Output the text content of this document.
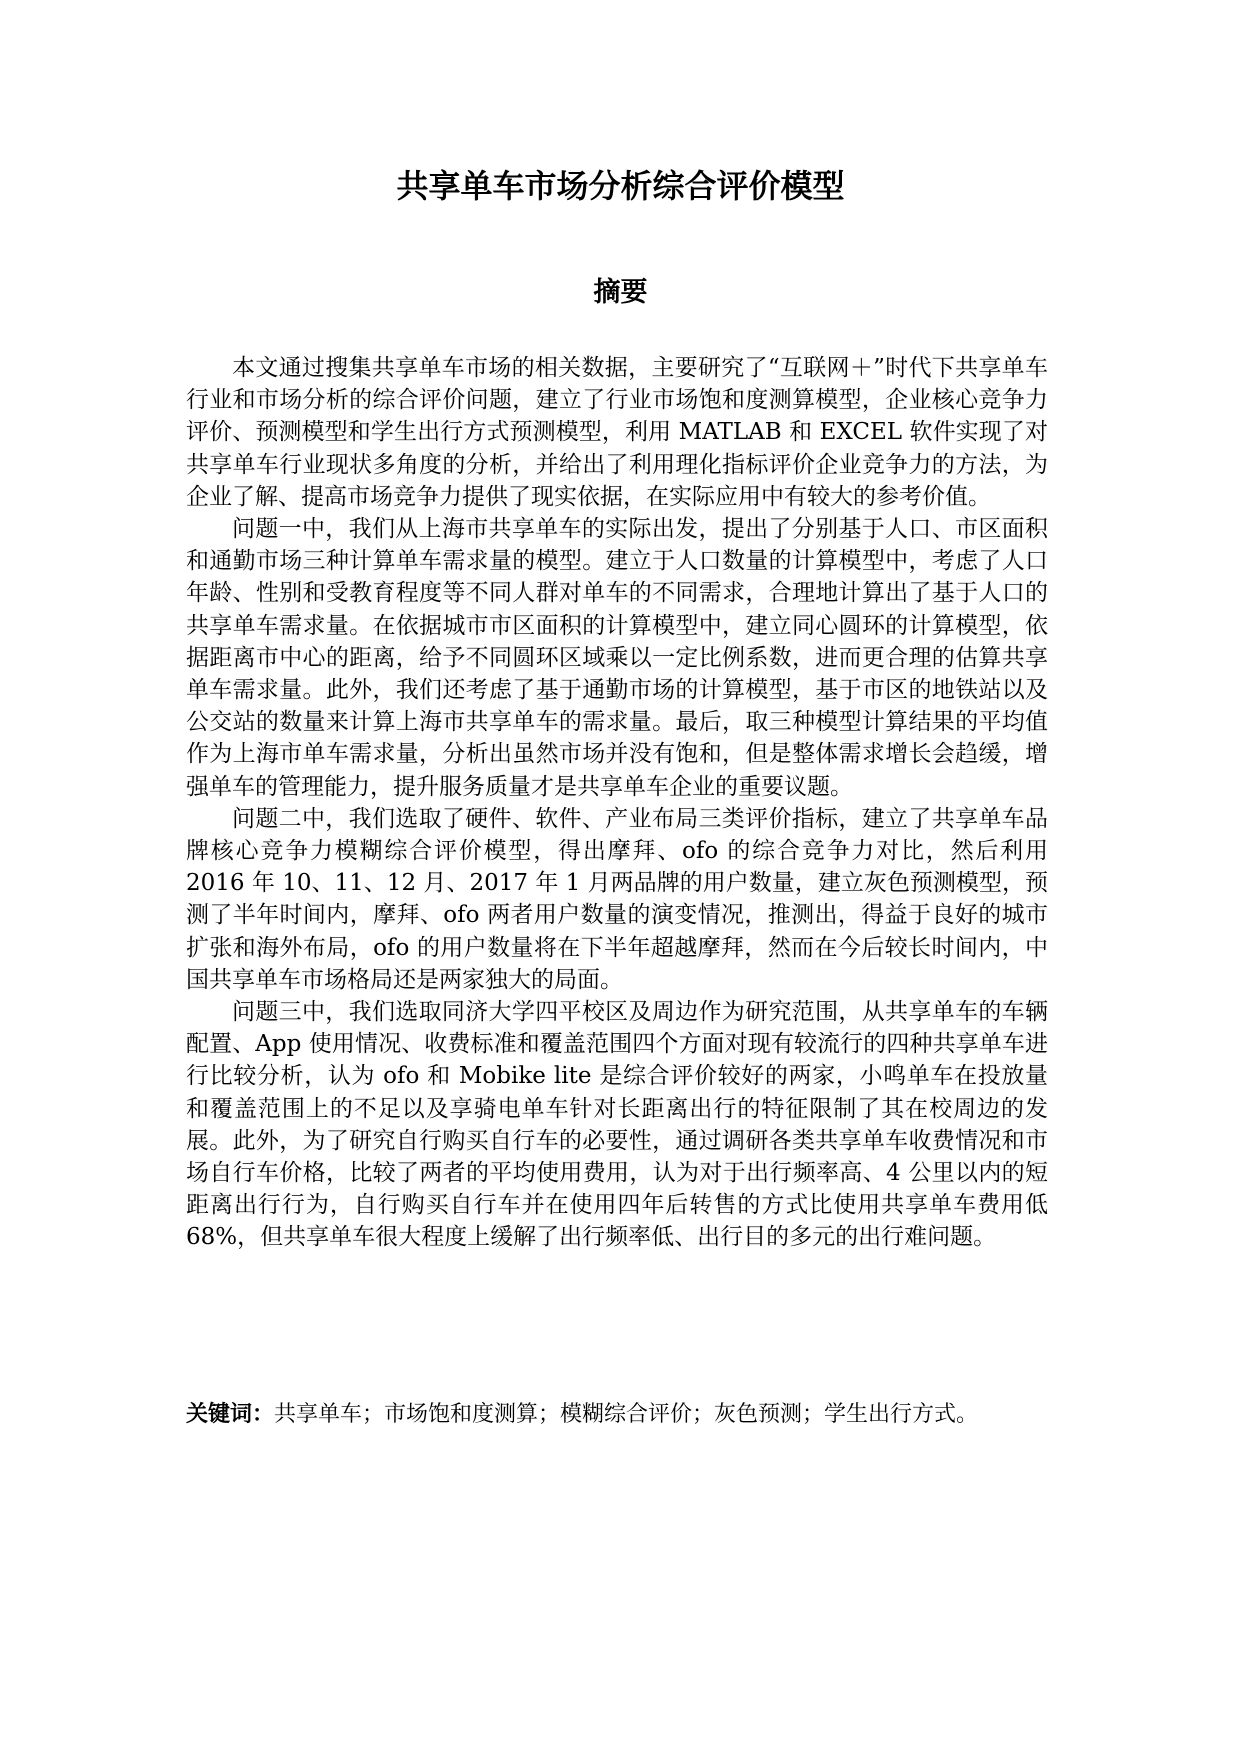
共享单车市场分析综合评价模型
摘要

本文通过搜集共享单车市场的相关数据，主要研究了“互联网＋”时代下共享单车行业和市场分析的综合评价问题，建立了行业市场饱和度测算模型，企业核心竞争力评价、预测模型和学生出行方式预测模型，利用 MATLAB 和 EXCEL 软件实现了对共享单车行业现状多角度的分析，并给出了利用理化指标评价企业竞争力的方法，为企业了解、提高市场竞争力提供了现实依据，在实际应用中有较大的参考价值。

问题一中，我们从上海市共享单车的实际出发，提出了分别基于人口、市区面积和通勤市场三种计算单车需求量的模型。建立于人口数量的计算模型中，考虑了人口年龄、性别和受教育程度等不同人群对单车的不同需求，合理地计算出了基于人口的共享单车需求量。在依据城市市区面积的计算模型中，建立同心圆环的计算模型，依据距离市中心的距离，给予不同圆环区域乘以一定比例系数，进而更合理的估算共享单车需求量。此外，我们还考虑了基于通勤市场的计算模型，基于市区的地铁站以及公交站的数量来计算上海市共享单车的需求量。最后，取三种模型计算结果的平均值作为上海市单车需求量，分析出虽然市场并没有饱和，但是整体需求增长会趋缓，增强单车的管理能力，提升服务质量才是共享单车企业的重要议题。

问题二中，我们选取了硬件、软件、产业布局三类评价指标，建立了共享单车品牌核心竞争力模糊综合评价模型，得出摩拜、ofo 的综合竞争力对比，然后利用 2016 年 10、11、12 月、2017 年 1 月两品牌的用户数量，建立灰色预测模型，预测了半年时间内，摩拜、ofo 两者用户数量的演变情况，推测出，得益于良好的城市扩张和海外布局，ofo 的用户数量将在下半年超越摩拜，然而在今后较长时间内，中国共享单车市场格局还是两家独大的局面。

问题三中，我们选取同济大学四平校区及周边作为研究范围，从共享单车的车辆配置、App 使用情况、收费标准和覆盖范围四个方面对现有较流行的四种共享单车进行比较分析，认为 ofo 和 Mobike lite 是综合评价较好的两家，小鸣单车在投放量和覆盖范围上的不足以及享骑电单车针对长距离出行的特征限制了其在校周边的发展。此外，为了研究自行购买自行车的必要性，通过调研各类共享单车收费情况和市场自行车价格，比较了两者的平均使用费用，认为对于出行频率高、4 公里以内的短距离出行行为，自行购买自行车并在使用四年后转售的方式比使用共享单车费用低 68%，但共享单车很大程度上缓解了出行频率低、出行目的多元的出行难问题。

关键词：共享单车；市场饱和度测算；模糊综合评价；灰色预测；学生出行方式。
